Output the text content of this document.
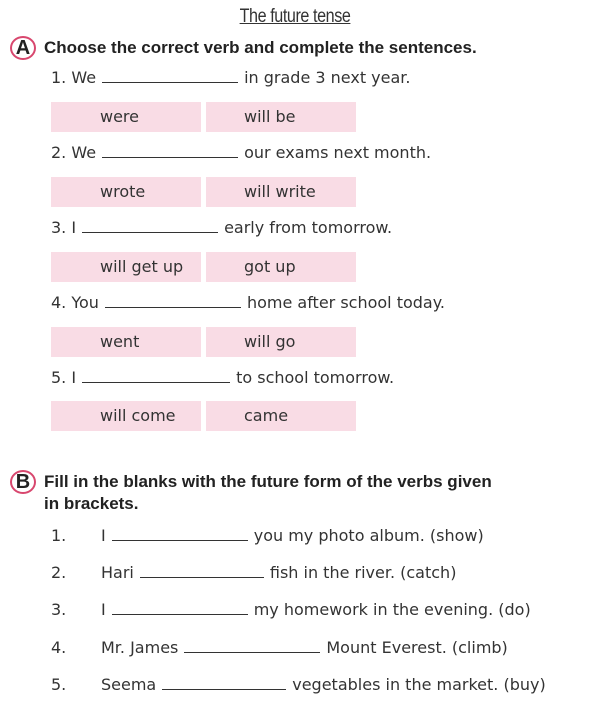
The future tense
A Choose the correct verb and complete the sentences.
1. We	in grade 3 next year.
were	will be
2. We	our exams next month.
wrote	will write
3. I	early from tomorrow.
will get up	got up
4. You	home after school today.
went	will go
5. I	to school tomorrow.
will come	came
B Fill in the blanks with the future form of the verbs given
in brackets.
1. I	you my photo album. (show)
2. Hari	fish in the river. (catch)
3. I	my homework in the evening. (do)
4. Mr. James	Mount Everest. (climb)
5. Seema	vegetables in the market. (buy)
